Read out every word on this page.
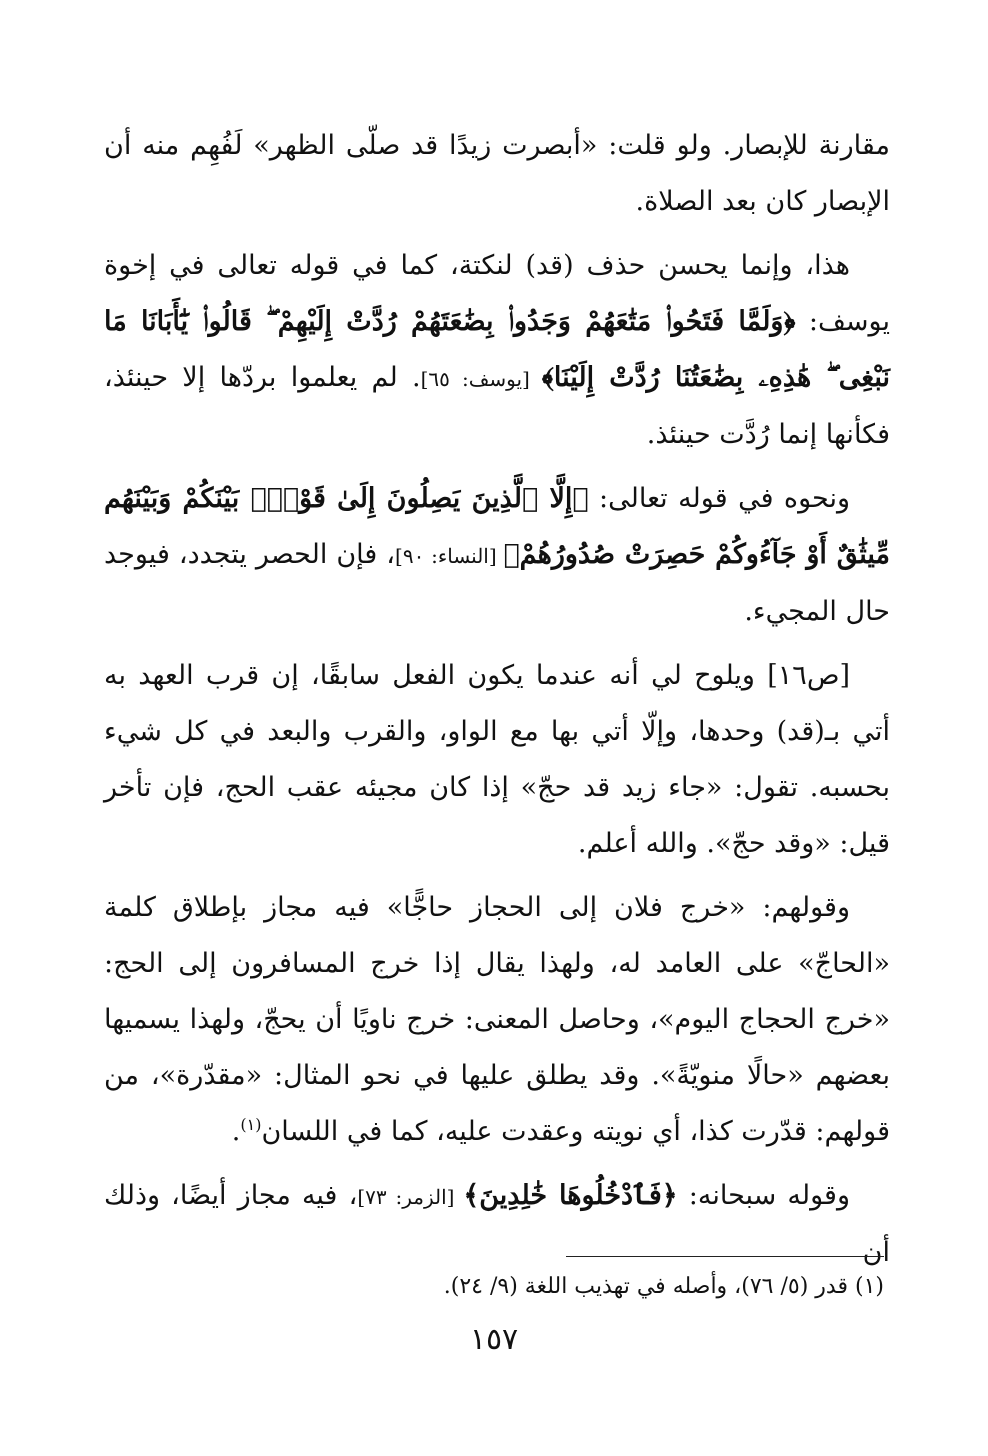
مقارنة للإبصار. ولو قلت: «أبصرت زيدًا قد صلّى الظهر» لَفُهِم منه أن الإبصار كان بعد الصلاة.

هذا، وإنما يحسن حذف (قد) لنكتة، كما في قوله تعالى في إخوة يوسف: ﴿وَلَمَّا فَتَحُوا۟ مَتَٰعَهُمْ وَجَدُوا۟ بِضَٰعَتَهُمْ رُدَّتْ إِلَيْهِمْ ۖ قَالُوا۟ يَٰٓأَبَانَا مَا نَبْغِى ۖ هَٰذِهِۦ بِضَٰعَتُنَا رُدَّتْ إِلَيْنَا﴾ [يوسف: ٦٥]. لم يعلموا بردّها إلا حينئذ، فكأنها إنما رُدَّت حينئذ.

ونحوه في قوله تعالى: ﴿إِلَّا ٱلَّذِينَ يَصِلُونَ إِلَىٰ قَوْمٍۭ بَيْنَكُمْ وَبَيْنَهُم مِّيثَٰقٌ أَوْ جَآءُوكُمْ حَصِرَتْ صُدُورُهُمْ﴾ [النساء: ٩٠]، فإن الحصر يتجدد، فيوجد حال المجيء.

[ص١٦] ويلوح لي أنه عندما يكون الفعل سابقًا، إن قرب العهد به أتي بـ(قد) وحدها، وإلّا أتي بها مع الواو، والقرب والبعد في كل شيء بحسبه. تقول: «جاء زيد قد حجّ» إذا كان مجيئه عقب الحج، فإن تأخر قيل: «وقد حجّ». والله أعلم.

وقولهم: «خرج فلان إلى الحجاز حاجًّا» فيه مجاز بإطلاق كلمة «الحاجّ» على العامد له، ولهذا يقال إذا خرج المسافرون إلى الحج: «خرج الحجاج اليوم»، وحاصل المعنى: خرج ناويًا أن يحجّ، ولهذا يسميها بعضهم «حالًا منويّةً». وقد يطلق عليها في نحو المثال: «مقدّرة»، من قولهم: قدّرت كذا، أي نويته وعقدت عليه، كما في اللسان$^{(١)}$.

وقوله سبحانه: ﴿فَٱدْخُلُوهَا خَٰلِدِينَ﴾ [الزمر: ٧٣]، فيه مجاز أيضًا، وذلك أن

(١) قدر (٥/ ٧٦)، وأصله في تهذيب اللغة (٩/ ٢٤).
١٥٧
